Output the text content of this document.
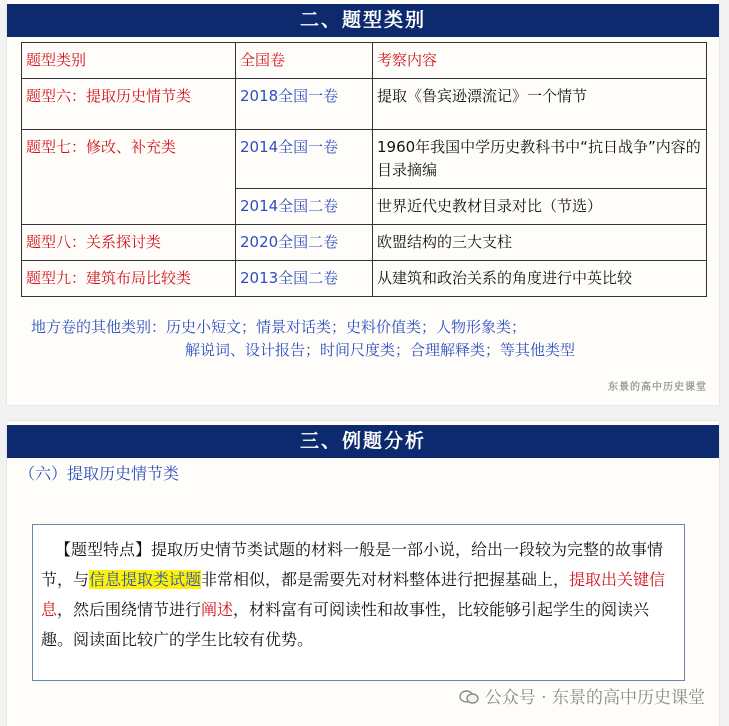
二、题型类别
题型类别	全国卷	考察内容
题型六：提取历史情节类	2018全国一卷	提取《鲁宾逊漂流记》一个情节
题型七：修改、补充类	2014全国一卷	1960年我国中学历史教科书中“抗日战争”内容的目录摘编
	2014全国二卷	世界近代史教材目录对比（节选）
题型八：关系探讨类	2020全国二卷	欧盟结构的三大支柱
题型九：建筑布局比较类	2013全国二卷	从建筑和政治关系的角度进行中英比较
地方卷的其他类别：历史小短文；情景对话类；史料价值类；人物形象类；
解说词、设计报告；时间尺度类；合理解释类；等其他类型
东景的高中历史课堂
三、例题分析
（六）提取历史情节类
【题型特点】提取历史情节类试题的材料一般是一部小说，给出一段较为完整的故事情节，与信息提取类试题非常相似，都是需要先对材料整体进行把握基础上，提取出关键信息，然后围绕情节进行阐述，材料富有可阅读性和故事性，比较能够引起学生的阅读兴趣。阅读面比较广的学生比较有优势。
公众号 · 东景的高中历史课堂
